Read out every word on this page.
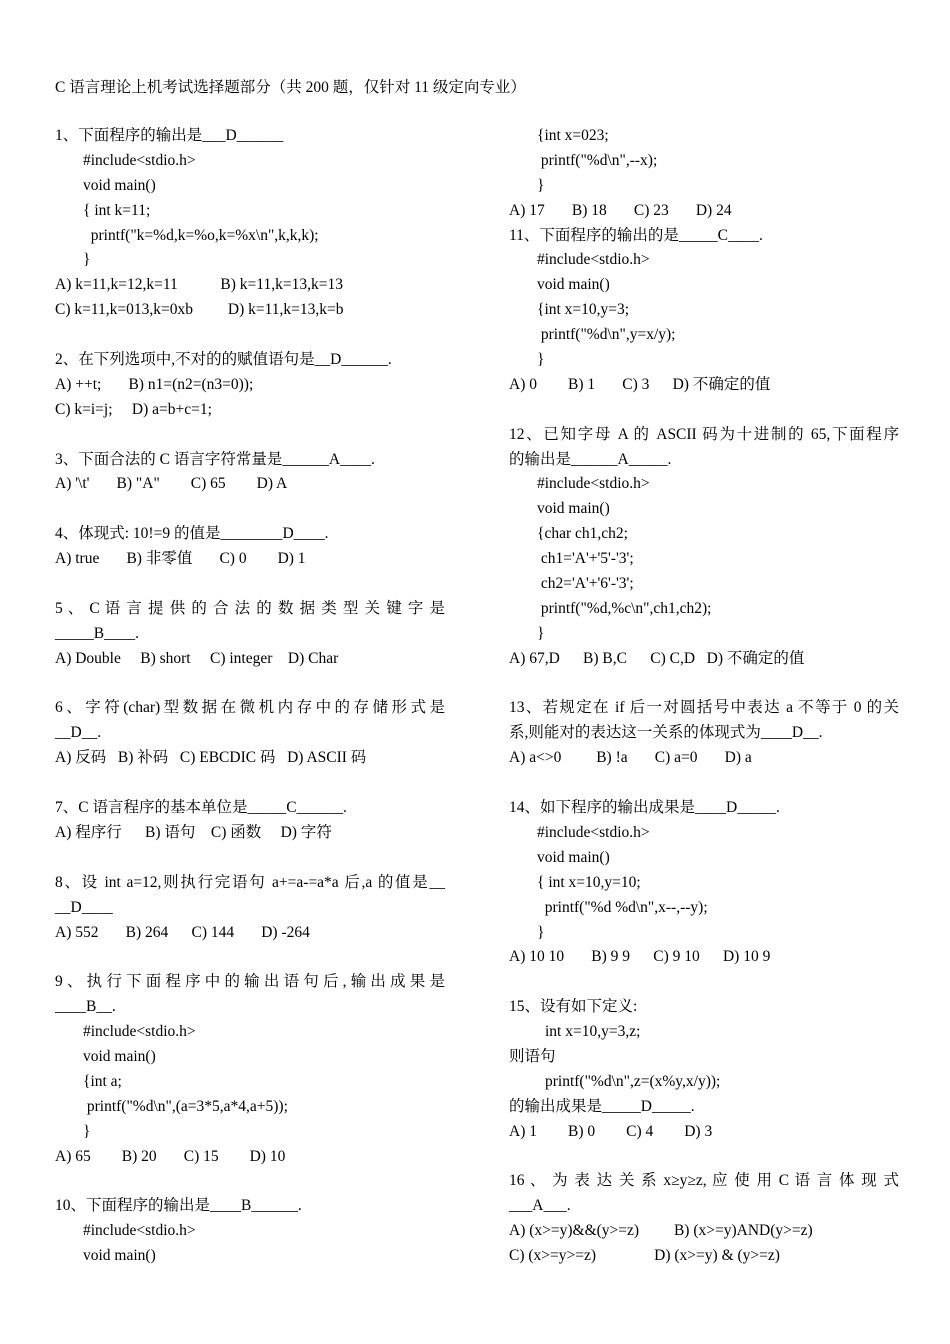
C 语言理论上机考试选择题部分（共 200 题，仅针对 11 级定向专业）
1、下面程序的输出是___D______
#include<stdio.h>
void main()
{ int k=11;
printf("k=%d,k=%o,k=%x\n",k,k,k);
}
A) k=11,k=12,k=11           B) k=11,k=13,k=13
C) k=11,k=013,k=0xb         D) k=11,k=13,k=b
2、在下列选项中,不对的的赋值语句是__D______.
A) ++t;       B) n1=(n2=(n3=0));
C) k=i=j;     D) a=b+c=1;
3、下面合法的 C 语言字符常量是______A____.
A) '\t'       B) "A"        C) 65        D) A
4、体现式: 10!=9 的值是________D____.
A) true       B) 非零值       C) 0        D) 1
5 、 C 语 言 提 供 的 合 法 的 数 据 类 型 关 键 字 是
_____B____.
A) Double     B) short     C) integer    D) Char
6、字符(char)型数据在微机内存中的存储形式是
__D__.
A) 反码   B) 补码   C) EBCDIC 码   D) ASCII 码
7、C 语言程序的基本单位是_____C______.
A) 程序行      B) 语句    C) 函数     D) 字符
8、设 int a=12,则执行完语句 a+=a-=a*a 后,a 的值是__
__D____
A) 552       B) 264      C) 144       D) -264
9、执行下面程序中的输出语句后,输出成果是
____B__.
#include<stdio.h>
void main()
{int a;
printf("%d\n",(a=3*5,a*4,a+5));
}
A) 65        B) 20       C) 15        D) 10
10、下面程序的输出是____B______.
#include<stdio.h>
void main()
{int x=023;
printf("%d\n",--x);
}
A) 17       B) 18       C) 23       D) 24
11、下面程序的输出的是_____C____.
#include<stdio.h>
void main()
{int x=10,y=3;
printf("%d\n",y=x/y);
}
A) 0        B) 1       C) 3      D) 不确定的值
12、已知字母 A 的 ASCII 码为十进制的 65,下面程序
的输出是______A_____.
#include<stdio.h>
void main()
{char ch1,ch2;
ch1='A'+'5'-'3';
ch2='A'+'6'-'3';
printf("%d,%c\n",ch1,ch2);
}
A) 67,D      B) B,C      C) C,D   D) 不确定的值
13、若规定在 if 后一对圆括号中表达 a 不等于 0 的关
系,则能对的表达这一关系的体现式为____D__.
A) a<>0         B) !a       C) a=0       D) a
14、如下程序的输出成果是____D_____.
#include<stdio.h>
void main()
{ int x=10,y=10;
printf("%d %d\n",x--,--y);
}
A) 10 10       B) 9 9      C) 9 10      D) 10 9
15、设有如下定义:
int x=10,y=3,z;
则语句
printf("%d\n",z=(x%y,x/y));
的输出成果是_____D_____.
A) 1        B) 0        C) 4        D) 3
16 、 为 表 达 关 系 x≥y≥z, 应 使 用 C 语 言 体 现 式
___A___.
A) (x>=y)&&(y>=z)         B) (x>=y)AND(y>=z)
C) (x>=y>=z)               D) (x>=y) & (y>=z)
